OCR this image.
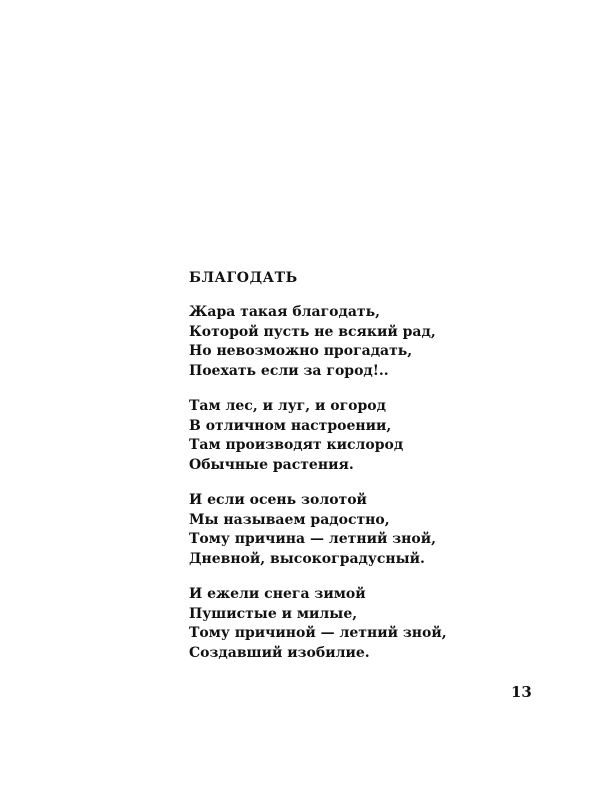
БЛАГОДАТЬ
Жара такая благодать,
Которой пусть не всякий рад,
Но невозможно прогадать,
Поехать если за город!..
Там лес, и луг, и огород
В отличном настроении,
Там производят кислород
Обычные растения.
И если осень золотой
Мы называем радостно,
Тому причина — летний зной,
Дневной, высокоградусный.
И ежели снега зимой
Пушистые и милые,
Тому причиной — летний зной,
Создавший изобилие.
13
